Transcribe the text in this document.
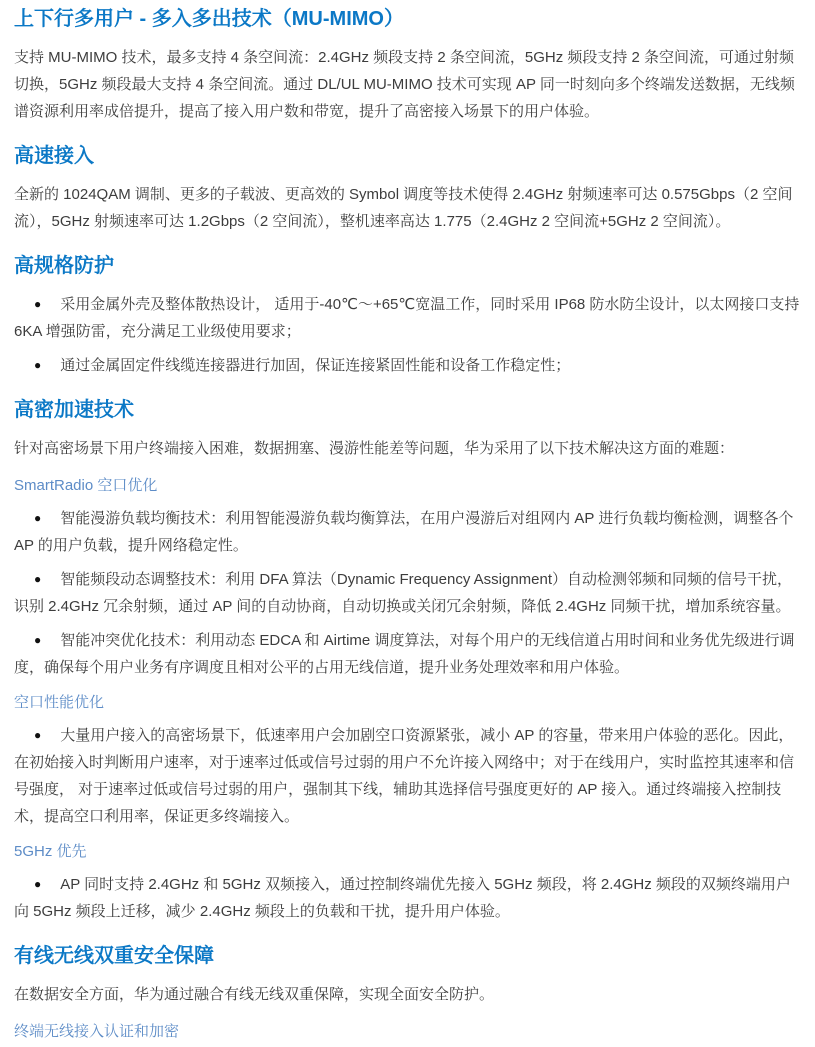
上下行多用户 - 多入多出技术（MU-MIMO）

支持 MU-MIMO 技术，最多支持 4 条空间流：2.4GHz 频段支持 2 条空间流，5GHz 频段支持 2 条空间流，可通过射频切换，5GHz 频段最大支持 4 条空间流。通过 DL/UL MU-MIMO 技术可实现 AP 同一时刻向多个终端发送数据，无线频谱资源利用率成倍提升，提高了接入用户数和带宽，提升了高密接入场景下的用户体验。

高速接入

全新的 1024QAM 调制、更多的子载波、更高效的 Symbol 调度等技术使得 2.4GHz 射频速率可达 0.575Gbps（2 空间流），5GHz 射频速率可达 1.2Gbps（2 空间流），整机速率高达 1.775（2.4GHz 2 空间流+5GHz 2 空间流）。

高规格防护

● 采用金属外壳及整体散热设计， 适用于-40℃～+65℃宽温工作，同时采用 IP68 防水防尘设计，以太网接口支持 6KA 增强防雷，充分满足工业级使用要求；

● 通过金属固定件线缆连接器进行加固，保证连接紧固性能和设备工作稳定性；

高密加速技术

针对高密场景下用户终端接入困难，数据拥塞、漫游性能差等问题，华为采用了以下技术解决这方面的难题：

SmartRadio 空口优化

● 智能漫游负载均衡技术：利用智能漫游负载均衡算法，在用户漫游后对组网内 AP 进行负载均衡检测，调整各个 AP 的用户负载，提升网络稳定性。

● 智能频段动态调整技术：利用 DFA 算法（Dynamic Frequency Assignment）自动检测邻频和同频的信号干扰，识别 2.4GHz 冗余射频，通过 AP 间的自动协商，自动切换或关闭冗余射频，降低 2.4GHz 同频干扰，增加系统容量。

● 智能冲突优化技术：利用动态 EDCA 和 Airtime 调度算法，对每个用户的无线信道占用时间和业务优先级进行调度，确保每个用户业务有序调度且相对公平的占用无线信道，提升业务处理效率和用户体验。

空口性能优化

● 大量用户接入的高密场景下，低速率用户会加剧空口资源紧张，减小 AP 的容量，带来用户体验的恶化。因此，在初始接入时判断用户速率，对于速率过低或信号过弱的用户不允许接入网络中；对于在线用户，实时监控其速率和信号强度， 对于速率过低或信号过弱的用户，强制其下线，辅助其选择信号强度更好的 AP 接入。通过终端接入控制技术，提高空口利用率，保证更多终端接入。

5GHz 优先

● AP 同时支持 2.4GHz 和 5GHz 双频接入，通过控制终端优先接入 5GHz 频段，将 2.4GHz 频段的双频终端用户向 5GHz 频段上迁移，减少 2.4GHz 频段上的负载和干扰，提升用户体验。

有线无线双重安全保障

在数据安全方面，华为通过融合有线无线双重保障，实现全面安全防护。

终端无线接入认证和加密
